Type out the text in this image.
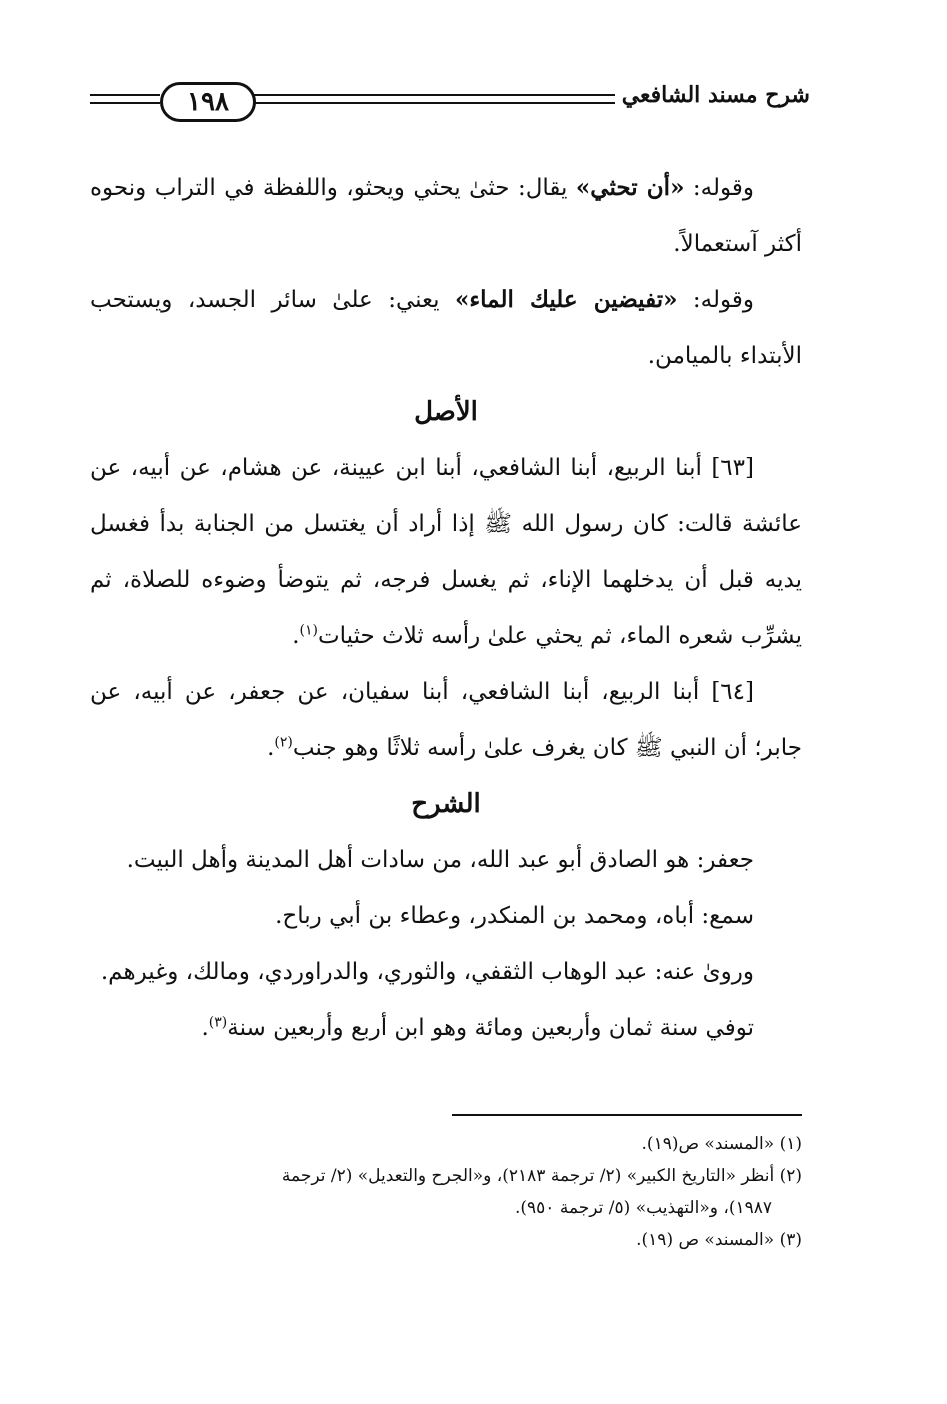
١٩٨	شرح مسند الشافعي

وقوله: «أن تحثي» يقال: حثىٰ يحثي ويحثو، واللفظة في التراب ونحوه أكثر آستعمالاً.

وقوله: «تفيضين عليك الماء» يعني: علىٰ سائر الجسد، ويستحب الأبتداء بالميامن.

الأصل

[٦٣] أبنا الربيع، أبنا الشافعي، أبنا ابن عيينة، عن هشام، عن أبيه، عن عائشة قالت: كان رسول الله ﷺ إذا أراد أن يغتسل من الجنابة بدأ فغسل يديه قبل أن يدخلهما الإناء، ثم يغسل فرجه، ثم يتوضأ وضوءه للصلاة، ثم يشرِّب شعره الماء، ثم يحثي علىٰ رأسه ثلاث حثيات$^{(١)}$.

[٦٤] أبنا الربيع، أبنا الشافعي، أبنا سفيان، عن جعفر، عن أبيه، عن جابر؛ أن النبي ﷺ كان يغرف علىٰ رأسه ثلاثًا وهو جنب$^{(٢)}$.

الشرح

جعفر: هو الصادق أبو عبد الله، من سادات أهل المدينة وأهل البيت.

سمع: أباه، ومحمد بن المنكدر، وعطاء بن أبي رباح.

وروىٰ عنه: عبد الوهاب الثقفي، والثوري، والدراوردي، ومالك، وغيرهم.

توفي سنة ثمان وأربعين ومائة وهو ابن أربع وأربعين سنة$^{(٣)}$.

(١) «المسند» ص(١٩).

(٢) أنظر «التاريخ الكبير» (٢/ ترجمة ٢١٨٣)، و«الجرح والتعديل» (٢/ ترجمة

١٩٨٧)، و«التهذيب» (٥/ ترجمة ٩٥٠).

(٣) «المسند» ص (١٩).
